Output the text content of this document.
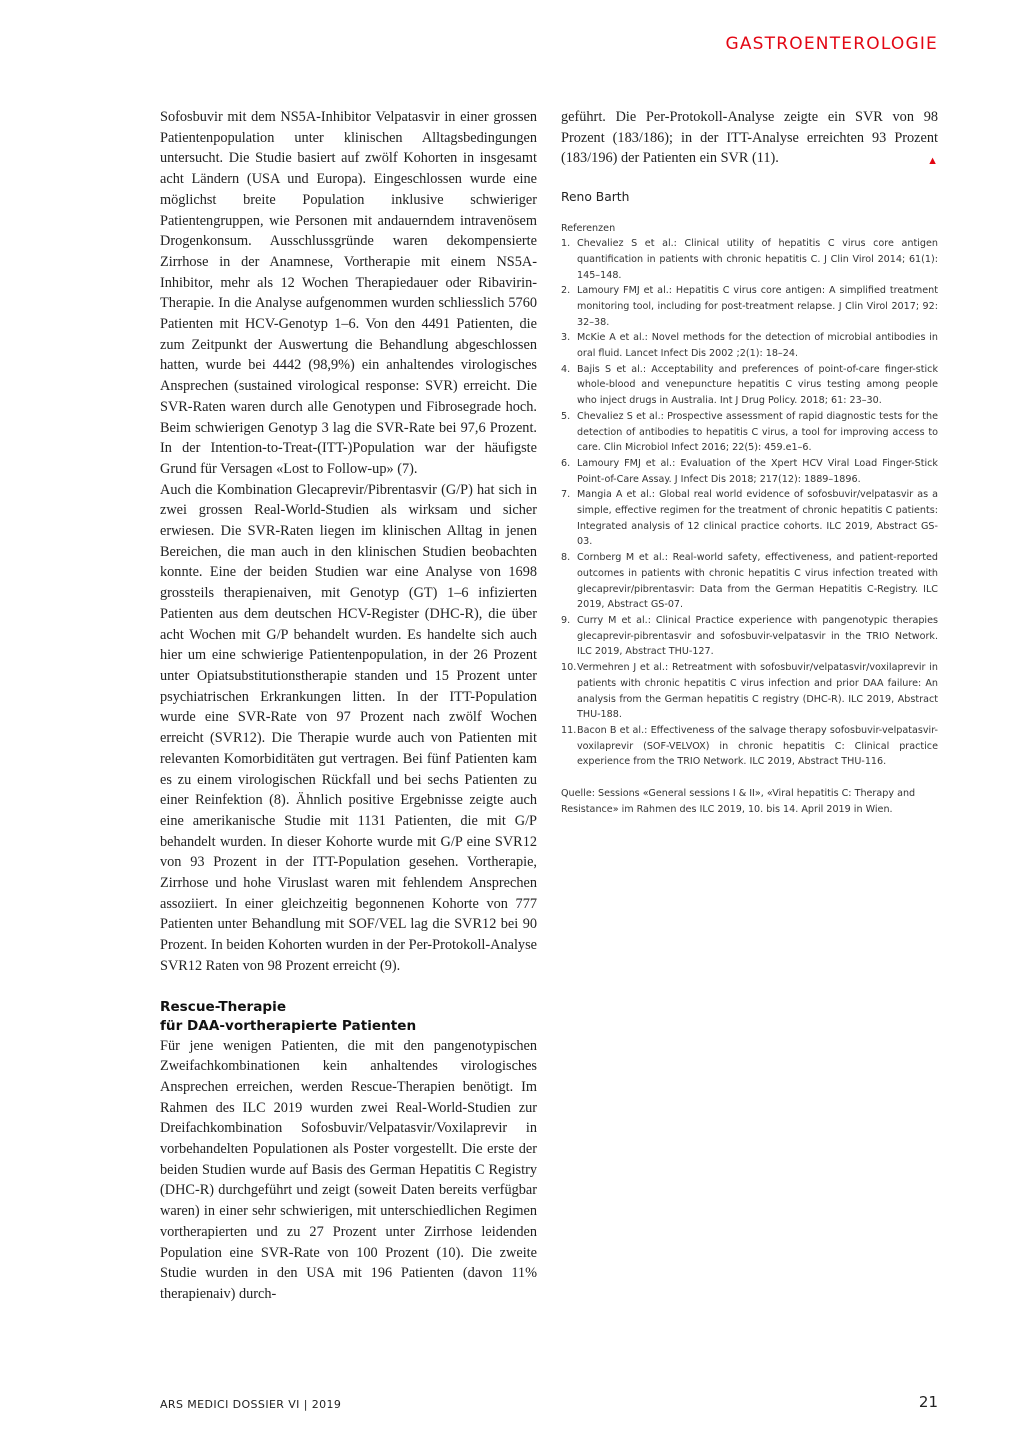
GASTROENTEROLOGIE

Sofosbuvir mit dem NS5A-Inhibitor Velpatasvir in einer grossen Patientenpopulation unter klinischen Alltagsbedingungen untersucht. Die Studie basiert auf zwölf Kohorten in insgesamt acht Ländern (USA und Europa). Eingeschlossen wurde eine möglichst breite Population inklusive schwieriger Patientengruppen, wie Personen mit andauerndem intravenösem Drogenkonsum. Ausschlussgründe waren dekompensierte Zirrhose in der Anamnese, Vortherapie mit einem NS5A-Inhibitor, mehr als 12 Wochen Therapiedauer oder Ribavirin-Therapie. In die Analyse aufgenommen wurden schliesslich 5760 Patienten mit HCV-Genotyp 1–6. Von den 4491 Patienten, die zum Zeitpunkt der Auswertung die Behandlung abgeschlossen hatten, wurde bei 4442 (98,9%) ein anhaltendes virologisches Ansprechen (sustained virological response: SVR) erreicht. Die SVR-Raten waren durch alle Genotypen und Fibrosegrade hoch. Beim schwierigen Genotyp 3 lag die SVR-Rate bei 97,6 Prozent. In der Intention-to-Treat-(ITT-)Population war der häufigste Grund für Versagen «Lost to Follow-up» (7).

Auch die Kombination Glecaprevir/Pibrentasvir (G/P) hat sich in zwei grossen Real-World-Studien als wirksam und sicher erwiesen. Die SVR-Raten liegen im klinischen Alltag in jenen Bereichen, die man auch in den klinischen Studien beobachten konnte. Eine der beiden Studien war eine Analyse von 1698 grossteils therapienaiven, mit Genotyp (GT) 1–6 infizierten Patienten aus dem deutschen HCV-Register (DHC-R), die über acht Wochen mit G/P behandelt wurden. Es handelte sich auch hier um eine schwierige Patientenpopulation, in der 26 Prozent unter Opiatsubstitutionstherapie standen und 15 Prozent unter psychiatrischen Erkrankungen litten. In der ITT-Population wurde eine SVR-Rate von 97 Prozent nach zwölf Wochen erreicht (SVR12). Die Therapie wurde auch von Patienten mit relevanten Komorbiditäten gut vertragen. Bei fünf Patienten kam es zu einem virologischen Rückfall und bei sechs Patienten zu einer Reinfektion (8). Ähnlich positive Ergebnisse zeigte auch eine amerikanische Studie mit 1131 Patienten, die mit G/P behandelt wurden. In dieser Kohorte wurde mit G/P eine SVR12 von 93 Prozent in der ITT-Population gesehen. Vortherapie, Zirrhose und hohe Viruslast waren mit fehlendem Ansprechen assoziiert. In einer gleichzeitig begonnenen Kohorte von 777 Patienten unter Behandlung mit SOF/VEL lag die SVR12 bei 90 Prozent. In beiden Kohorten wurden in der Per-Protokoll-Analyse SVR12 Raten von 98 Prozent erreicht (9).

Rescue-Therapie
für DAA-vortherapierte Patienten

Für jene wenigen Patienten, die mit den pangenotypischen Zweifachkombinationen kein anhaltendes virologisches Ansprechen erreichen, werden Rescue-Therapien benötigt. Im Rahmen des ILC 2019 wurden zwei Real-World-Studien zur Dreifachkombination Sofosbuvir/Velpatasvir/Voxilaprevir in vorbehandelten Populationen als Poster vorgestellt. Die erste der beiden Studien wurde auf Basis des German Hepatitis C Registry (DHC-R) durchgeführt und zeigt (soweit Daten bereits verfügbar waren) in einer sehr schwierigen, mit unterschiedlichen Regimen vortherapierten und zu 27 Prozent unter Zirrhose leidenden Population eine SVR-Rate von 100 Prozent (10). Die zweite Studie wurden in den USA mit 196 Patienten (davon 11% therapienaiv) durch-

geführt. Die Per-Protokoll-Analyse zeigte ein SVR von 98 Prozent (183/186); in der ITT-Analyse erreichten 93 Prozent (183/196) der Patienten ein SVR (11).	▲

Reno Barth
Referenzen
1. Chevaliez S et al.: Clinical utility of hepatitis C virus core antigen quantification in patients with chronic hepatitis C. J Clin Virol 2014; 61(1): 145–148.
2. Lamoury FMJ et al.: Hepatitis C virus core antigen: A simplified treatment monitoring tool, including for post-treatment relapse. J Clin Virol 2017; 92: 32–38.
3. McKie A et al.: Novel methods for the detection of microbial antibodies in oral fluid. Lancet Infect Dis 2002 ;2(1): 18–24.
4. Bajis S et al.: Acceptability and preferences of point-of-care finger-stick whole-blood and venepuncture hepatitis C virus testing among people who inject drugs in Australia. Int J Drug Policy. 2018; 61: 23–30.
5. Chevaliez S et al.: Prospective assessment of rapid diagnostic tests for the detection of antibodies to hepatitis C virus, a tool for improving access to care. Clin Microbiol Infect 2016; 22(5): 459.e1–6.
6. Lamoury FMJ et al.: Evaluation of the Xpert HCV Viral Load Finger-Stick Point-of-Care Assay. J Infect Dis 2018; 217(12): 1889–1896.
7. Mangia A et al.: Global real world evidence of sofosbuvir/velpatasvir as a simple, effective regimen for the treatment of chronic hepatitis C patients: Integrated analysis of 12 clinical practice cohorts. ILC 2019, Abstract GS-03.
8. Cornberg M et al.: Real-world safety, effectiveness, and patient-reported outcomes in patients with chronic hepatitis C virus infection treated with glecaprevir/pibrentasvir: Data from the German Hepatitis C-Registry. ILC 2019, Abstract GS-07.
9. Curry M et al.: Clinical Practice experience with pangenotypic therapies glecaprevir-pibrentasvir and sofosbuvir-velpatasvir in the TRIO Network. ILC 2019, Abstract THU-127.
10. Vermehren J et al.: Retreatment with sofosbuvir/velpatasvir/voxilaprevir in patients with chronic hepatitis C virus infection and prior DAA failure: An analysis from the German hepatitis C registry (DHC-R). ILC 2019, Abstract THU-188.
11. Bacon B et al.: Effectiveness of the salvage therapy sofosbuvir-velpatasvir-voxilaprevir (SOF-VELVOX) in chronic hepatitis C: Clinical practice experience from the TRIO Network. ILC 2019, Abstract THU-116.
Quelle: Sessions «General sessions I & II», «Viral hepatitis C: Therapy and Resistance» im Rahmen des ILC 2019, 10. bis 14. April 2019 in Wien.
ARS MEDICI DOSSIER VI | 2019	21
